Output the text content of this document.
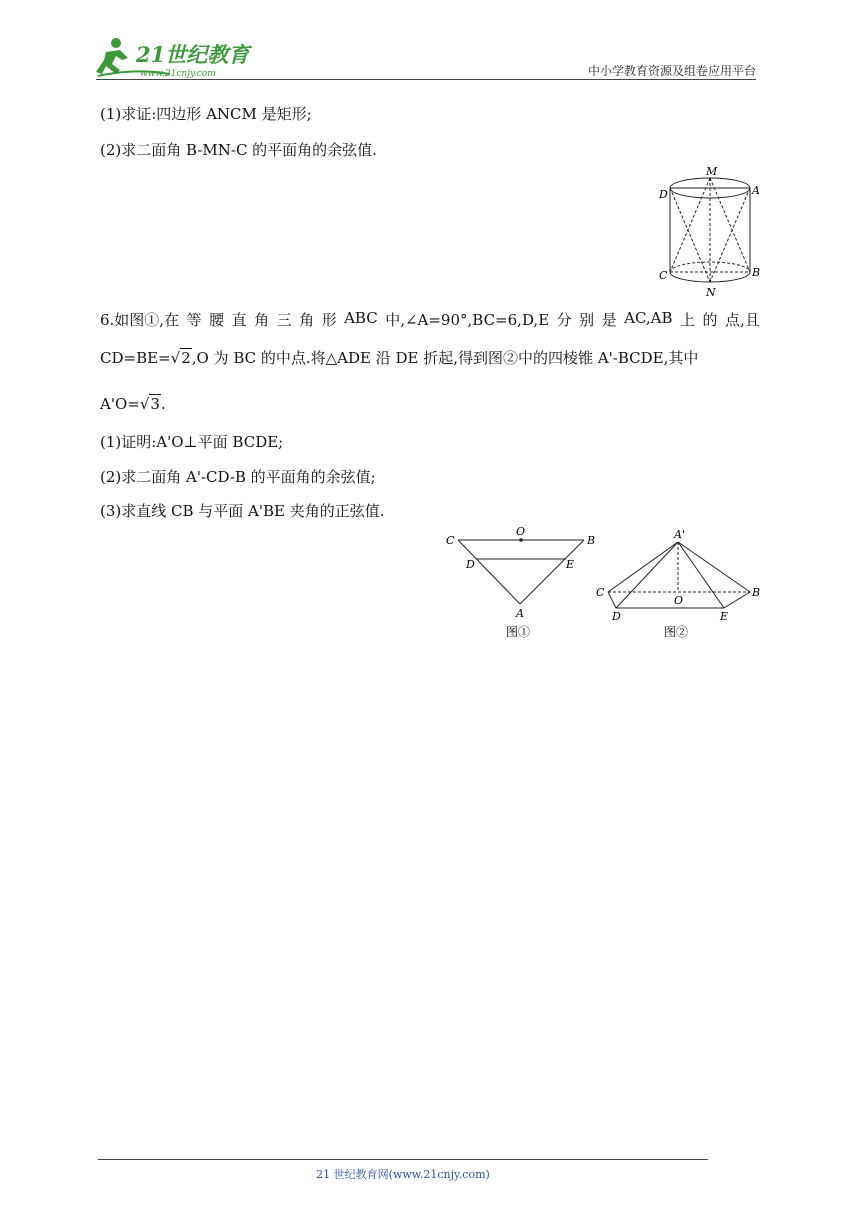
21世纪教育
www.21cnjy.com	中小学教育资源及组卷应用平台
(1)求证:四边形 ANCM 是矩形;
(2)求二面角 B-MN-C 的平面角的余弦值.
M
D	A
C	B
N
6.如图①,在 等 腰 直 角 三 角 形 ABC 中,∠A=90°,BC=6,D,E 分 别 是 AC,AB 上 的 点,且
CD=BE=√2,O 为 BC 的中点.将△ADE 沿 DE 折起,得到图②中的四棱锥 A'-BCDE,其中
A'O=√3.
(1)证明:A'O⊥平面 BCDE;
(2)求二面角 A'-CD-B 的平面角的余弦值;
(3)求直线 CB 与平面 A'BE 夹角的正弦值.
C
O
B
D	E
A
图①
A'
C
O
B
D	E
图②
21 世纪教育网(www.21cnjy.com)
